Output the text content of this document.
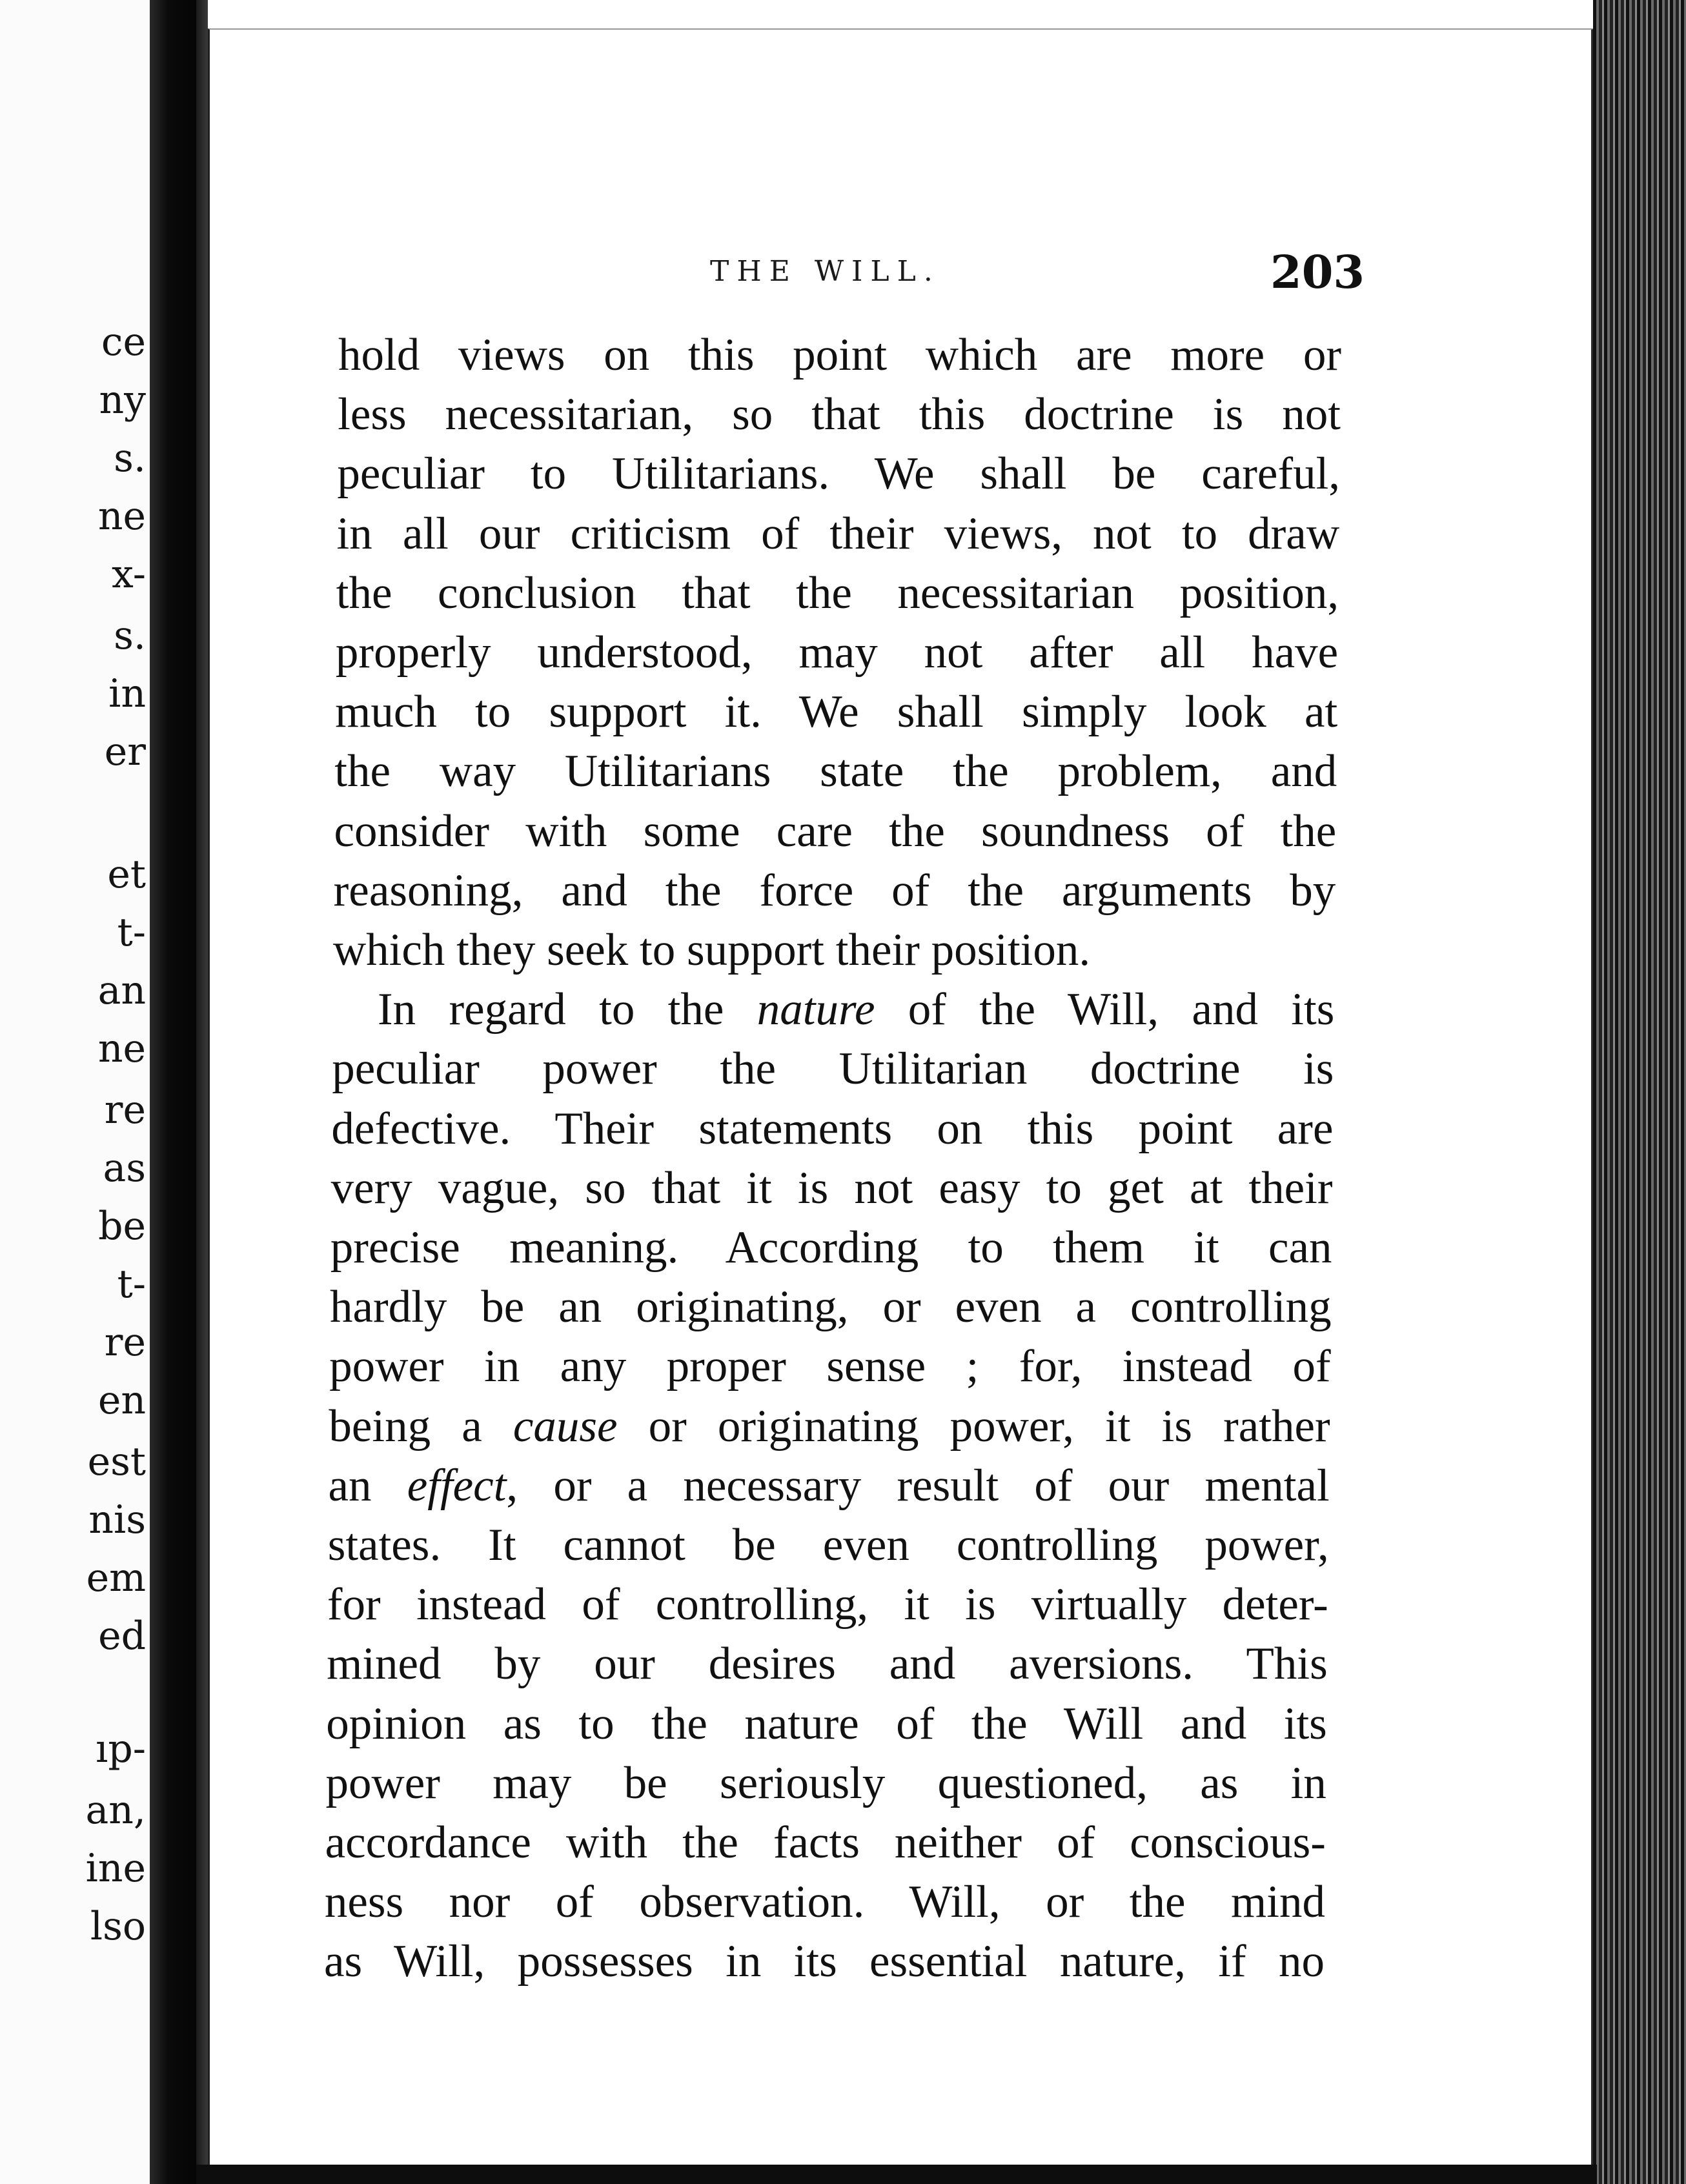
ce
ny
s.
ne
x-
s.
in
er
et
t-
an
ne
re
as
be
t-
re
en
est
nis
em
ed
ıp-
an,
ine
lso
THE WILL.	203
hold views on this point which are more or
less necessitarian, so that this doctrine is not
peculiar to Utilitarians. We shall be careful,
in all our criticism of their views, not to draw
the conclusion that the necessitarian position,
properly understood, may not after all have
much to support it. We shall simply look at
the way Utilitarians state the problem, and
consider with some care the soundness of the
reasoning, and the force of the arguments by
which they seek to support their position.
In regard to the nature of the Will, and its
peculiar power the Utilitarian doctrine is
defective. Their statements on this point are
very vague, so that it is not easy to get at their
precise meaning. According to them it can
hardly be an originating, or even a controlling
power in any proper sense ; for, instead of
being a cause or originating power, it is rather
an effect, or a necessary result of our mental
states. It cannot be even controlling power,
for instead of controlling, it is virtually deter-
mined by our desires and aversions. This
opinion as to the nature of the Will and its
power may be seriously questioned, as in
accordance with the facts neither of conscious-
ness nor of observation. Will, or the mind
as Will, possesses in its essential nature, if no
